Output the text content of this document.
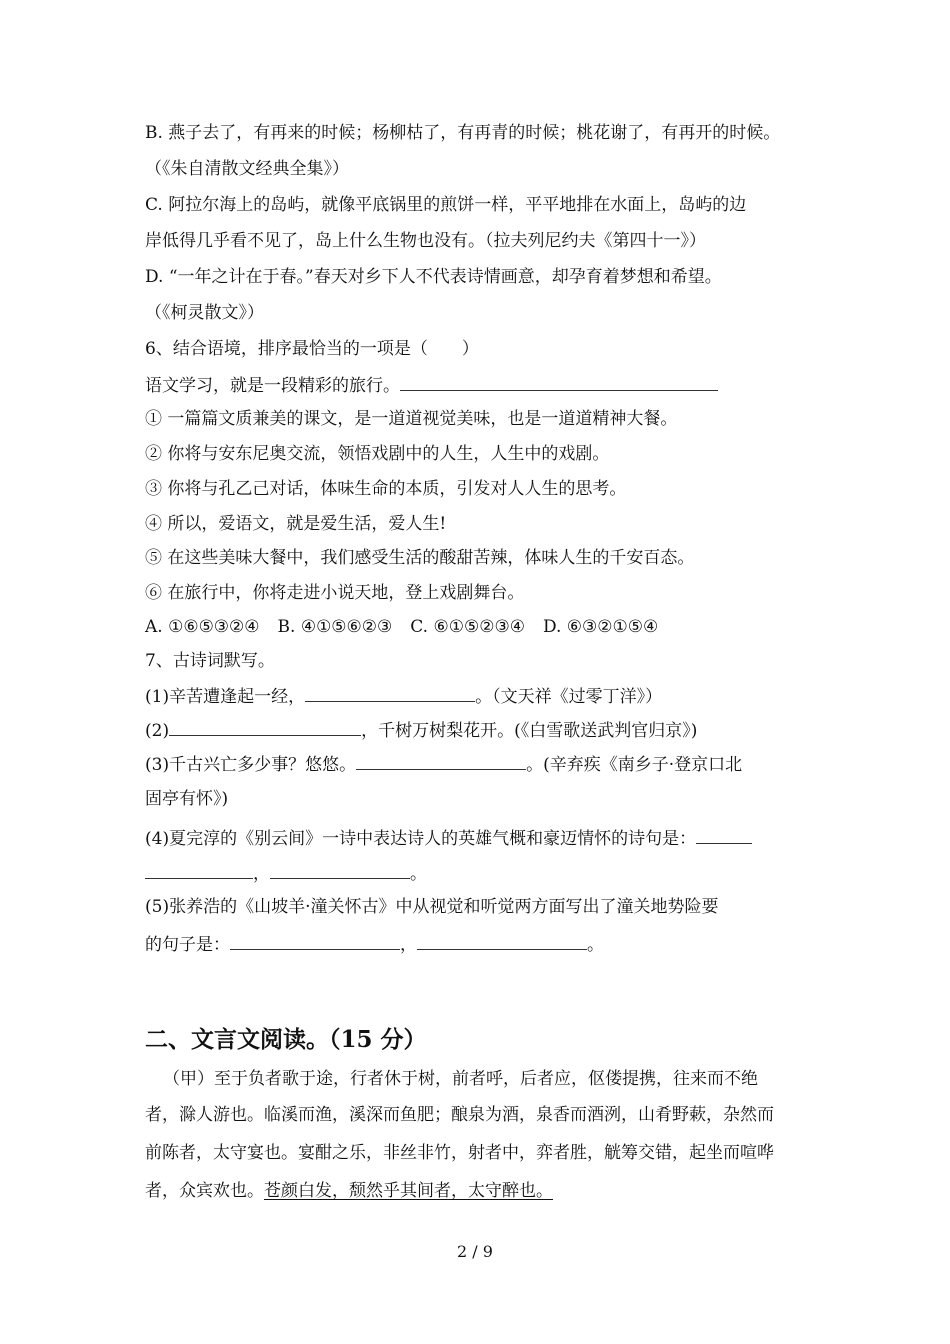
B. 燕子去了，有再来的时候；杨柳枯了，有再青的时候；桃花谢了，有再开的时候。
（《朱自清散文经典全集》）
C. 阿拉尔海上的岛屿，就像平底锅里的煎饼一样，平平地排在水面上，岛屿的边
岸低得几乎看不见了，岛上什么生物也没有。（拉夫列尼约夫《第四十一》）
D. “一年之计在于春。”春天对乡下人不代表诗情画意，却孕育着梦想和希望。
（《柯灵散文》）
6、结合语境，排序最恰当的一项是（　　）
语文学习，就是一段精彩的旅行。
① 一篇篇文质兼美的课文，是一道道视觉美味，也是一道道精神大餐。
② 你将与安东尼奥交流，领悟戏剧中的人生，人生中的戏剧。
③ 你将与孔乙己对话，体味生命的本质，引发对人人生的思考。
④ 所以，爱语文，就是爱生活，爱人生!
⑤ 在这些美味大餐中，我们感受生活的酸甜苦辣，体味人生的千安百态。
⑥ 在旅行中，你将走进小说天地，登上戏剧舞台。
A. ①⑥⑤③②④ B. ④①⑤⑥②③ C. ⑥①⑤②③④ D. ⑥③②①⑤④
7、古诗词默写。
(1)辛苦遭逢起一经，	。（文天祥《过零丁洋》）
(2)	，千树万树梨花开。(《白雪歌送武判官归京》)
(3)千古兴亡多少事？悠悠。	。(辛弃疾《南乡子·登京口北
固亭有怀》)
(4)夏完淳的《别云间》一诗中表达诗人的英雄气概和豪迈情怀的诗句是：
，	。
(5)张养浩的《山坡羊·潼关怀古》中从视觉和听觉两方面写出了潼关地势险要
的句子是：	，	。
二、文言文阅读。（15 分）
（甲）至于负者歌于途，行者休于树，前者呼，后者应，伛偻提携，往来而不绝
者，滁人游也。临溪而渔，溪深而鱼肥；酿泉为酒，泉香而酒洌，山肴野蔌，杂然而
前陈者，太守宴也。宴酣之乐，非丝非竹，射者中，弈者胜，觥筹交错，起坐而喧哗
者，众宾欢也。苍颜白发，颓然乎其间者，太守醉也。
2 / 9
